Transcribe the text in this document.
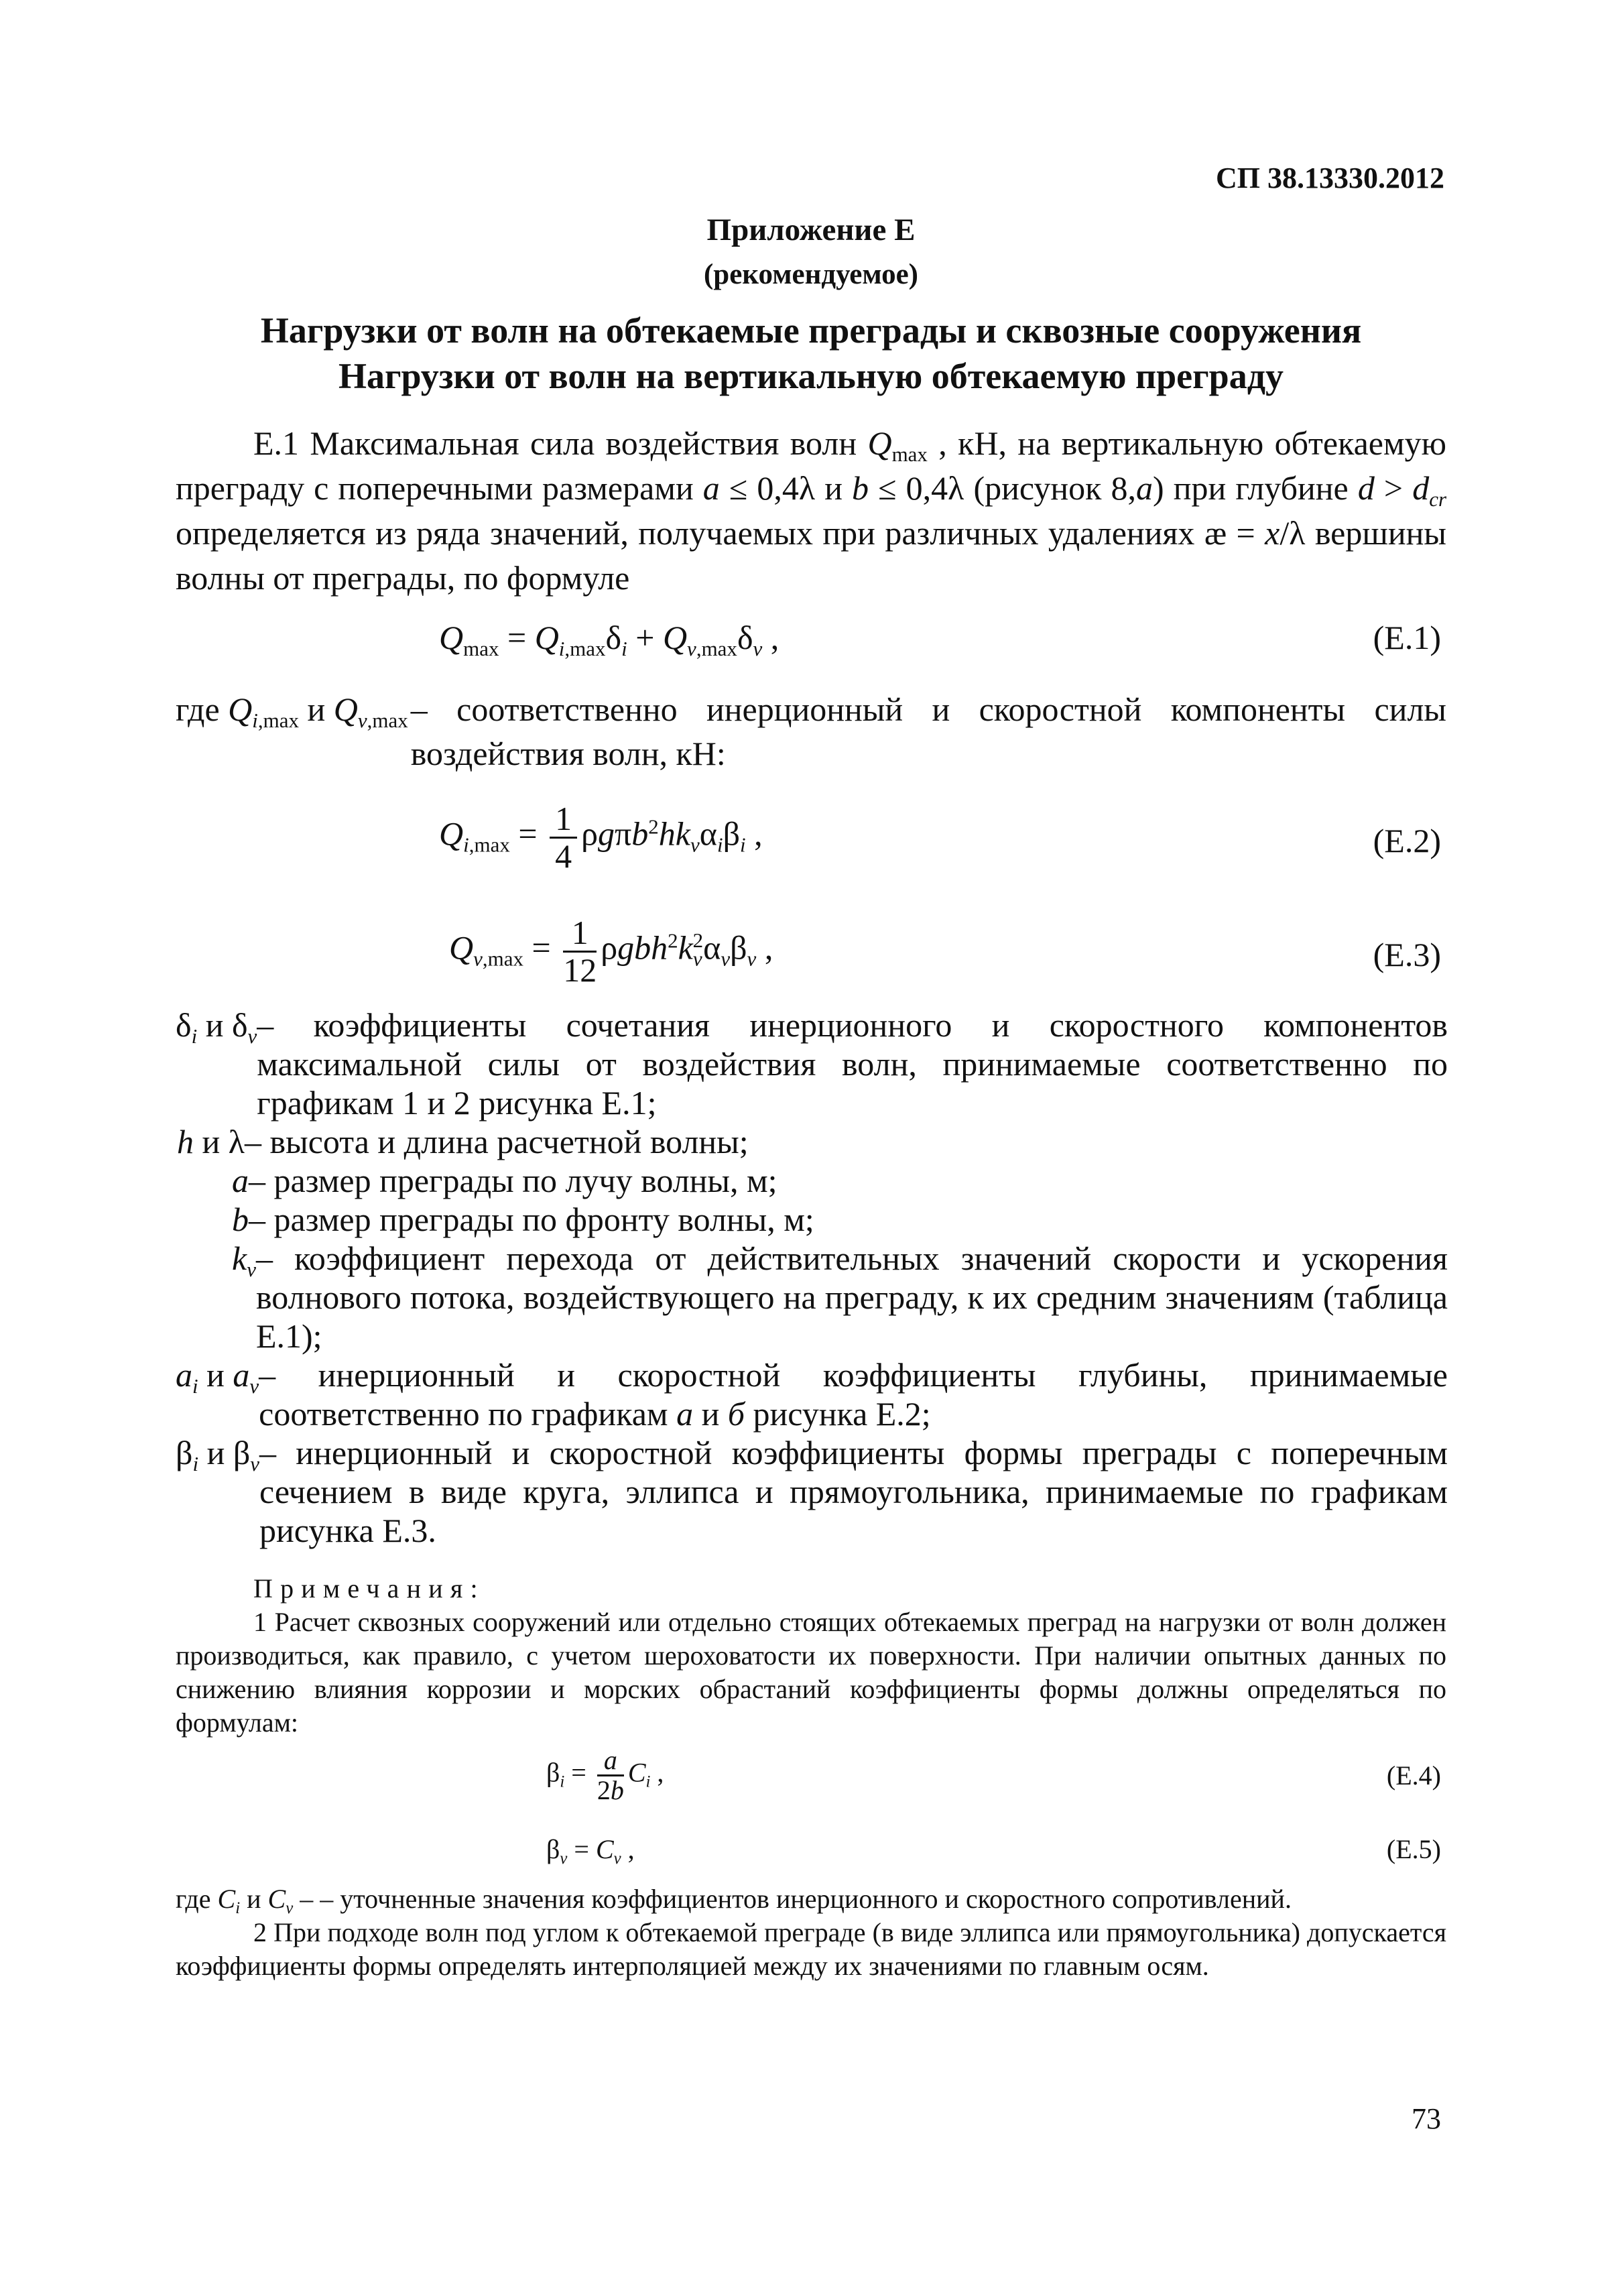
СП 38.13330.2012
Приложение Е
(рекомендуемое)
Нагрузки от волн на обтекаемые преграды и сквозные сооружения
Нагрузки от волн на вертикальную обтекаемую преграду
Е.1 Максимальная сила воздействия волн $Q_{max}$ , кН, на вертикальную обтекаемую преграду с поперечными размерами a ≤ 0,4λ и b ≤ 0,4λ (рисунок 8,a) при глубине $d > d_{cr}$ определяется из ряда значений, получаемых при различных удалениях æ = x/λ вершины волны от преграды, по формуле
$Q_{max} = Q_{i,max}\delta_i + Q_{v,max}\delta_v$ ,	(Е.1)
где $Q_{i,max}$ и $Q_{v,max}$ – соответственно инерционный и скоростной компоненты силы воздействия волн, кН:
$Q_{i,max} = \frac{1}{4} \rho g\pi b^2hk_v\alpha_i\beta_i$ ,	(Е.2)
$Q_{v,max} = \frac{1}{12} \rho gbh^2k_v^2\alpha_v\beta_v$ ,	(Е.3)
$\delta_i$ и $\delta_v$ – коэффициенты сочетания инерционного и скоростного компонентов максимальной силы от воздействия волн, принимаемые соответственно по графикам 1 и 2 рисунка Е.1;
h и λ – высота и длина расчетной волны;
a – размер преграды по лучу волны, м;
b – размер преграды по фронту волны, м;
$k_v$ – коэффициент перехода от действительных значений скорости и ускорения волнового потока, воздействующего на преграду, к их средним значениям (таблица Е.1);
$a_i$ и $a_v$ – инерционный и скоростной коэффициенты глубины, принимаемые соответственно по графикам a и б рисунка Е.2;
$\beta_i$ и $\beta_v$ – инерционный и скоростной коэффициенты формы преграды с поперечным сечением в виде круга, эллипса и прямоугольника, принимаемые по графикам рисунка Е.3.

Примечания:

1 Расчет сквозных сооружений или отдельно стоящих обтекаемых преград на нагрузки от волн должен производиться, как правило, с учетом шероховатости их поверхности. При наличии опытных данных по снижению влияния коррозии и морских обрастаний коэффициенты формы должны определяться по формулам:

$\beta_i = \frac{a}{2b} C_i$ ,	(Е.4)
$\beta_v = C_v$ ,	(Е.5)

где $C_i$ и $C_v$ – – уточненные значения коэффициентов инерционного и скоростного сопротивлений.

2 При подходе волн под углом к обтекаемой преграде (в виде эллипса или прямоугольника) допускается коэффициенты формы определять интерполяцией между их значениями по главным осям.

73
